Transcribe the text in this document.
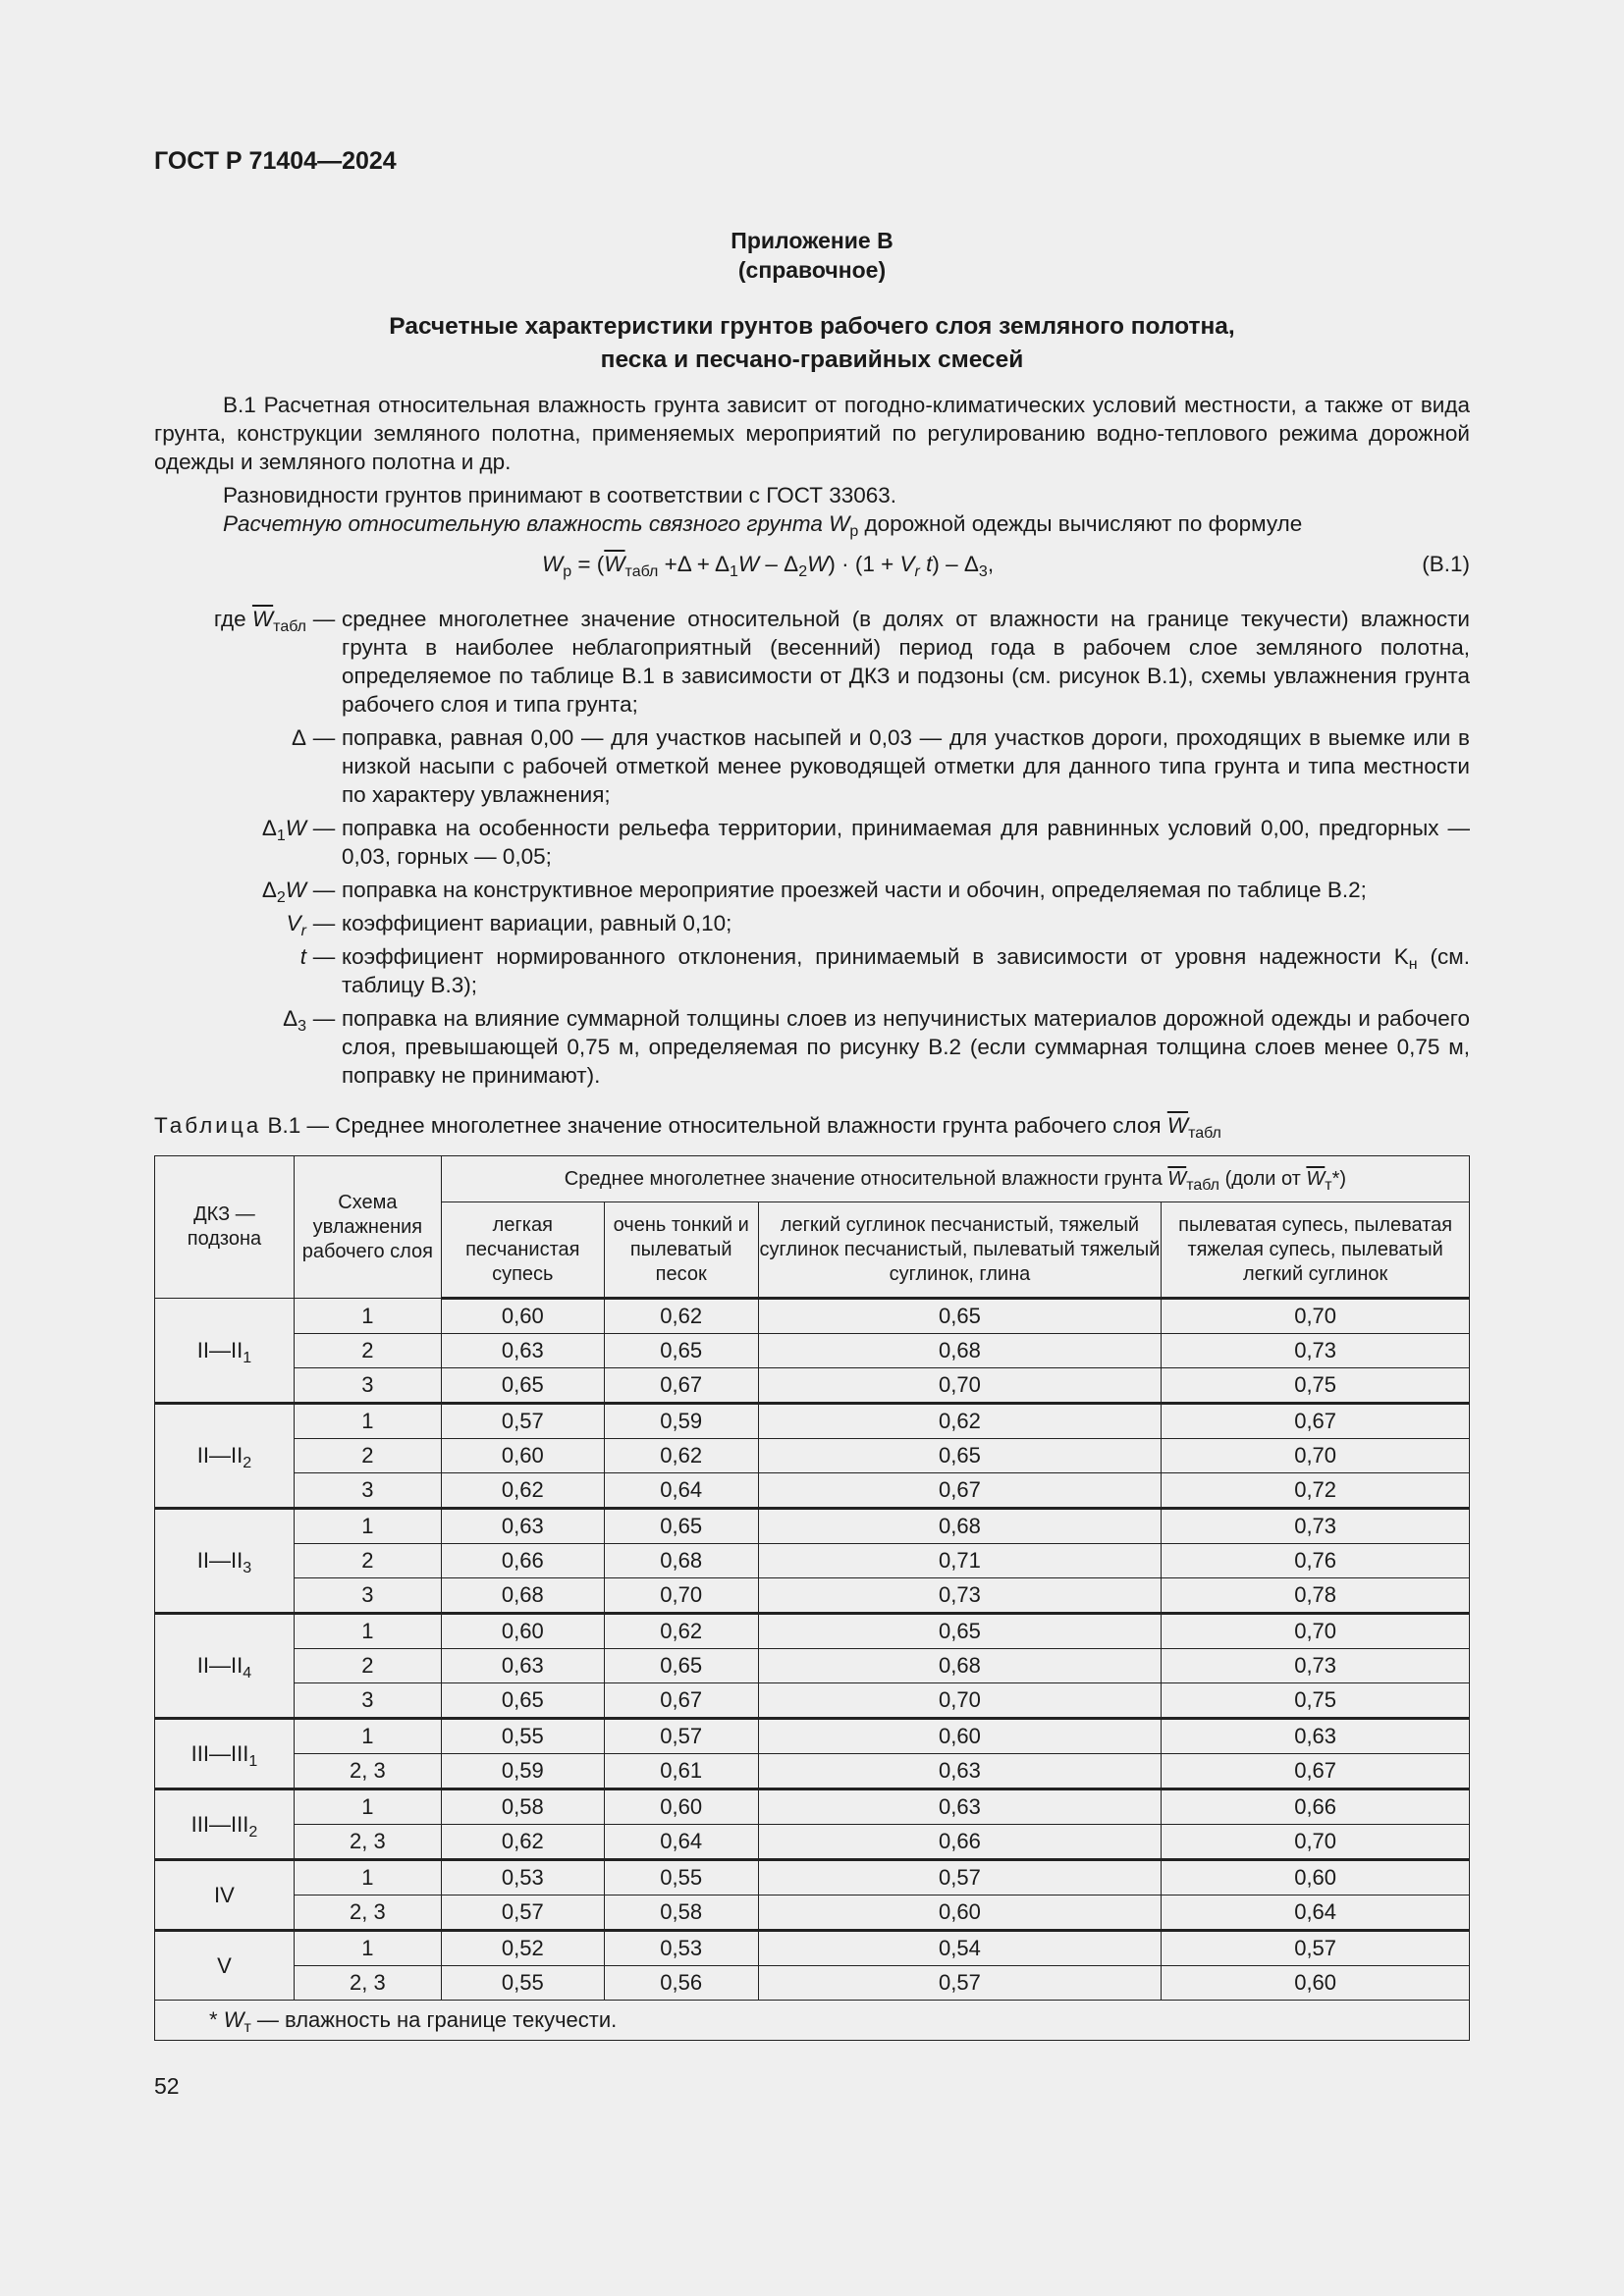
ГОСТ Р 71404—2024
Приложение В
(справочное)
Расчетные характеристики грунтов рабочего слоя земляного полотна,
песка и песчано-гравийных смесей
В.1 Расчетная относительная влажность грунта зависит от погодно-климатических условий местности, а также от вида грунта, конструкции земляного полотна, применяемых мероприятий по регулированию водно-теплового режима дорожной одежды и земляного полотна и др.
Разновидности грунтов принимают в соответствии с ГОСТ 33063.
Расчетную относительную влажность связного грунта $W_р$ дорожной одежды вычисляют по формуле
$W_р = (\overline{W}_{табл} +\Delta + \Delta_1W - \Delta_2W) \cdot (1 + V_r$ $t) - \Delta_3$,	(В.1)
где $\overline{W}_{табл}$ — среднее многолетнее значение относительной (в долях от влажности на границе текучести) влажности грунта в наиболее неблагоприятный (весенний) период года в рабочем слое земляного полотна, определяемое по таблице В.1 в зависимости от ДКЗ и подзоны (см. рисунок В.1), схемы увлажнения грунта рабочего слоя и типа грунта;
Δ — поправка, равная 0,00 — для участков насыпей и 0,03 — для участков дороги, проходящих в выемке или в низкой насыпи с рабочей отметкой менее руководящей отметки для данного типа грунта и типа местности по характеру увлажнения;
$\Delta_1W$ — поправка на особенности рельефа территории, принимаемая для равнинных условий 0,00, предгорных — 0,03, горных — 0,05;
$\Delta_2W$ — поправка на конструктивное мероприятие проезжей части и обочин, определяемая по таблице В.2;
$V_r$ — коэффициент вариации, равный 0,10;
t — коэффициент нормированного отклонения, принимаемый в зависимости от уровня надежности $K_н$ (см. таблицу В.3);
$\Delta_3$ — поправка на влияние суммарной толщины слоев из непучинистых материалов дорожной одежды и рабочего слоя, превышающей 0,75 м, определяемая по рисунку В.2 (если суммарная толщина слоев менее 0,75 м, поправку не принимают).
Таблица В.1 — Среднее многолетнее значение относительной влажности грунта рабочего слоя $\overline{W}_{табл}$
ДКЗ — подзона	Схема увлажнения рабочего слоя	Среднее многолетнее значение относительной влажности грунта $\overline{W}_{табл}$ (доли от $\overline{W}_т*$)			
		легкая песчанистая супесь	очень тонкий и пылеватый песок	легкий суглинок песчанистый, тяжелый суглинок песчанистый, пылеватый тяжелый суглинок, глина	пылеватая супесь, пылеватая тяжелая супесь, пылеватый легкий суглинок
$II—II_1$	1	0,60	0,62	0,65	0,70
	2	0,63	0,65	0,68	0,73
	3	0,65	0,67	0,70	0,75
$II—II_2$	1	0,57	0,59	0,62	0,67
	2	0,60	0,62	0,65	0,70
	3	0,62	0,64	0,67	0,72
$II—II_3$	1	0,63	0,65	0,68	0,73
	2	0,66	0,68	0,71	0,76
	3	0,68	0,70	0,73	0,78
$II—II_4$	1	0,60	0,62	0,65	0,70
	2	0,63	0,65	0,68	0,73
	3	0,65	0,67	0,70	0,75
$III—III_1$	1	0,55	0,57	0,60	0,63
	2, 3	0,59	0,61	0,63	0,67
$III—III_2$	1	0,58	0,60	0,63	0,66
	2, 3	0,62	0,64	0,66	0,70
IV	1	0,53	0,55	0,57	0,60
	2, 3	0,57	0,58	0,60	0,64
V	1	0,52	0,53	0,54	0,57
	2, 3	0,55	0,56	0,57	0,60
* $W_т$ — влажность на границе текучести.					
52
